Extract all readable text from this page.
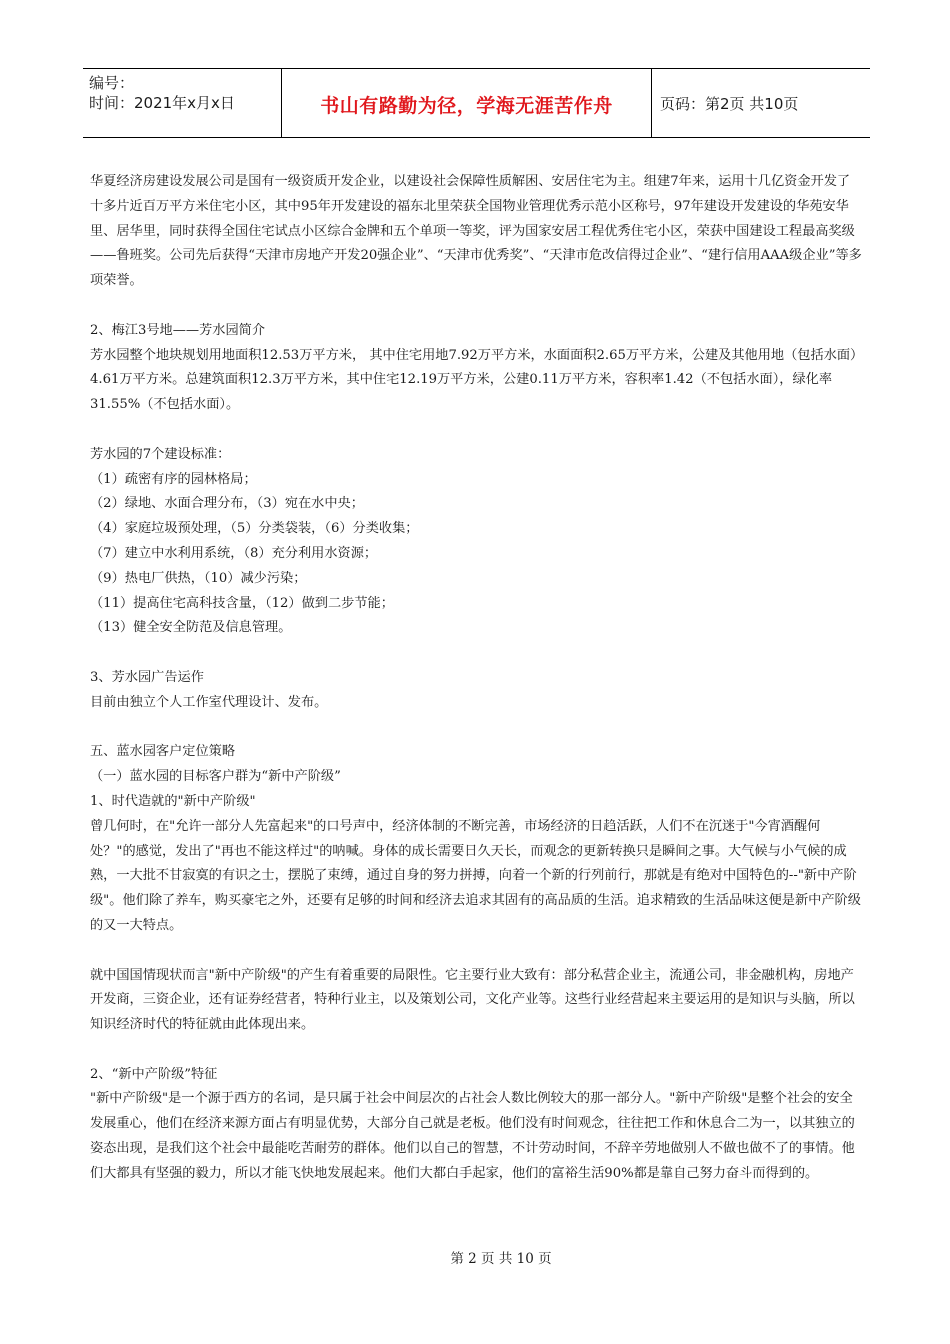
编号：
时间：2021年x月x日	书山有路勤为径，学海无涯苦作舟	页码：第2页 共10页

华夏经济房建设发展公司是国有一级资质开发企业，以建设社会保障性质解困、安居住宅为主。组建7年来，运用十几亿资金开发了十多片近百万平方米住宅小区，其中95年开发建设的福东北里荣获全国物业管理优秀示范小区称号，97年建设开发建设的华苑安华里、居华里，同时获得全国住宅试点小区综合金牌和五个单项一等奖，评为国家安居工程优秀住宅小区，荣获中国建设工程最高奖级——鲁班奖。公司先后获得“天津市房地产开发20强企业”、“天津市优秀奖”、“天津市危改信得过企业”、“建行信用AAA级企业”等多项荣誉。

2、梅江3号地——芳水园简介

芳水园整个地块规划用地面积12.53万平方米， 其中住宅用地7.92万平方米，水面面积2.65万平方米，公建及其他用地（包括水面）4.61万平方米。总建筑面积12.3万平方米，其中住宅12.19万平方米，公建0.11万平方米，容积率1.42（不包括水面），绿化率31.55%（不包括水面）。

芳水园的7个建设标准：

（1）疏密有序的园林格局；

（2）绿地、水面合理分布，（3）宛在水中央；

（4）家庭垃圾预处理，（5）分类袋装，（6）分类收集；

（7）建立中水利用系统，（8）充分利用水资源；

（9）热电厂供热，（10）减少污染；

（11）提高住宅高科技含量，（12）做到二步节能；

（13）健全安全防范及信息管理。

3、芳水园广告运作

目前由独立个人工作室代理设计、发布。

五、蓝水园客户定位策略

（一）蓝水园的目标客户群为“新中产阶级”

1、时代造就的"新中产阶级"

曾几何时，在"允许一部分人先富起来"的口号声中，经济体制的不断完善，市场经济的日趋活跃，人们不在沉迷于"今宵酒醒何处？"的感觉，发出了"再也不能这样过"的呐喊。身体的成长需要日久天长，而观念的更新转换只是瞬间之事。大气候与小气候的成熟，一大批不甘寂寞的有识之士，摆脱了束缚，通过自身的努力拼搏，向着一个新的行列前行，那就是有绝对中国特色的--"新中产阶级"。他们除了养车，购买豪宅之外，还要有足够的时间和经济去追求其固有的高品质的生活。追求精致的生活品味这便是新中产阶级的又一大特点。

就中国国情现状而言"新中产阶级"的产生有着重要的局限性。它主要行业大致有：部分私营企业主，流通公司，非金融机构，房地产开发商，三资企业，还有证券经营者，特种行业主，以及策划公司，文化产业等。这些行业经营起来主要运用的是知识与头脑，所以知识经济时代的特征就由此体现出来。

2、“新中产阶级”特征

"新中产阶级"是一个源于西方的名词，是只属于社会中间层次的占社会人数比例较大的那一部分人。"新中产阶级"是整个社会的安全发展重心，他们在经济来源方面占有明显优势，大部分自己就是老板。他们没有时间观念，往往把工作和休息合二为一，以其独立的姿态出现，是我们这个社会中最能吃苦耐劳的群体。他们以自己的智慧，不计劳动时间，不辞辛劳地做别人不做也做不了的事情。他们大都具有坚强的毅力，所以才能飞快地发展起来。他们大都白手起家，他们的富裕生活90%都是靠自己努力奋斗而得到的。

第 2 页 共 10 页
